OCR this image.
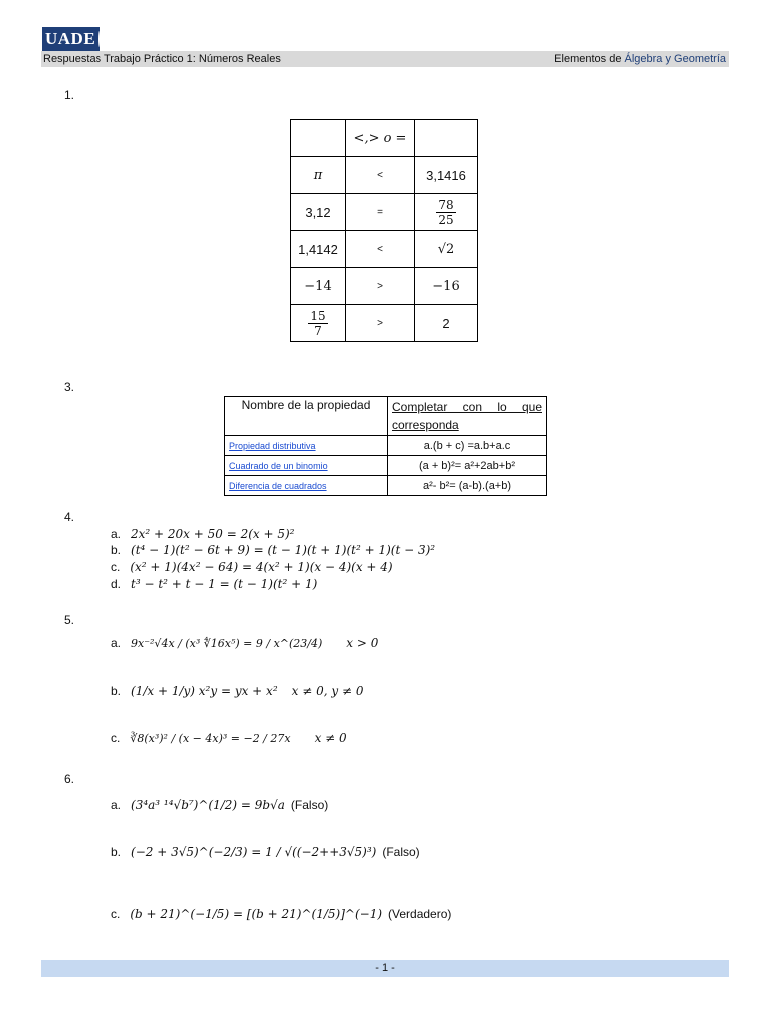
UADE
Respuestas Trabajo Práctico 1: Números Reales	Elementos de Álgebra y Geometría
1.
	<,> o =	
π	<	3,1416
3,12	=	$\frac{78}{25}$

1,4142	<	√2
−14	>	−16

$\frac{15}{7}$	>	2
3.
Nombre de la propiedad	Completar con lo que corresponda
Propiedad distributiva	a.(b + c) =a.b+a.c
Cuadrado de un binomio	(a + b)²= a²+2ab+b²
Diferencia de cuadrados	a²- b²= (a-b).(a+b)
4.
a. 2x² + 20x + 50 = 2(x + 5)²
b. (t⁴ − 1)(t² − 6t + 9) = (t − 1)(t + 1)(t² + 1)(t − 3)²
c. (x² + 1)(4x² − 64) = 4(x² + 1)(x − 4)(x + 4)
d. t³ − t² + t − 1 = (t − 1)(t² + 1)
5.
a. 9x⁻²√4x / (x³ ∜16x⁵) = 9 / x^(23/4) x > 0
b. (1/x + 1/y) x²y = yx + x² x ≠ 0, y ≠ 0
c. ∛8(x³)² / (x − 4x)³ = −2 / 27x x ≠ 0
6.
a. (3⁴a³ ¹⁴√b⁷)^(1/2) = 9b√a (Falso)
b. (−2 + 3√5)^(−2/3) = 1 / √((−2++3√5)³) (Falso)
c. (b + 21)^(−1/5) = [(b + 21)^(1/5)]^(−1) (Verdadero)
- 1 -
